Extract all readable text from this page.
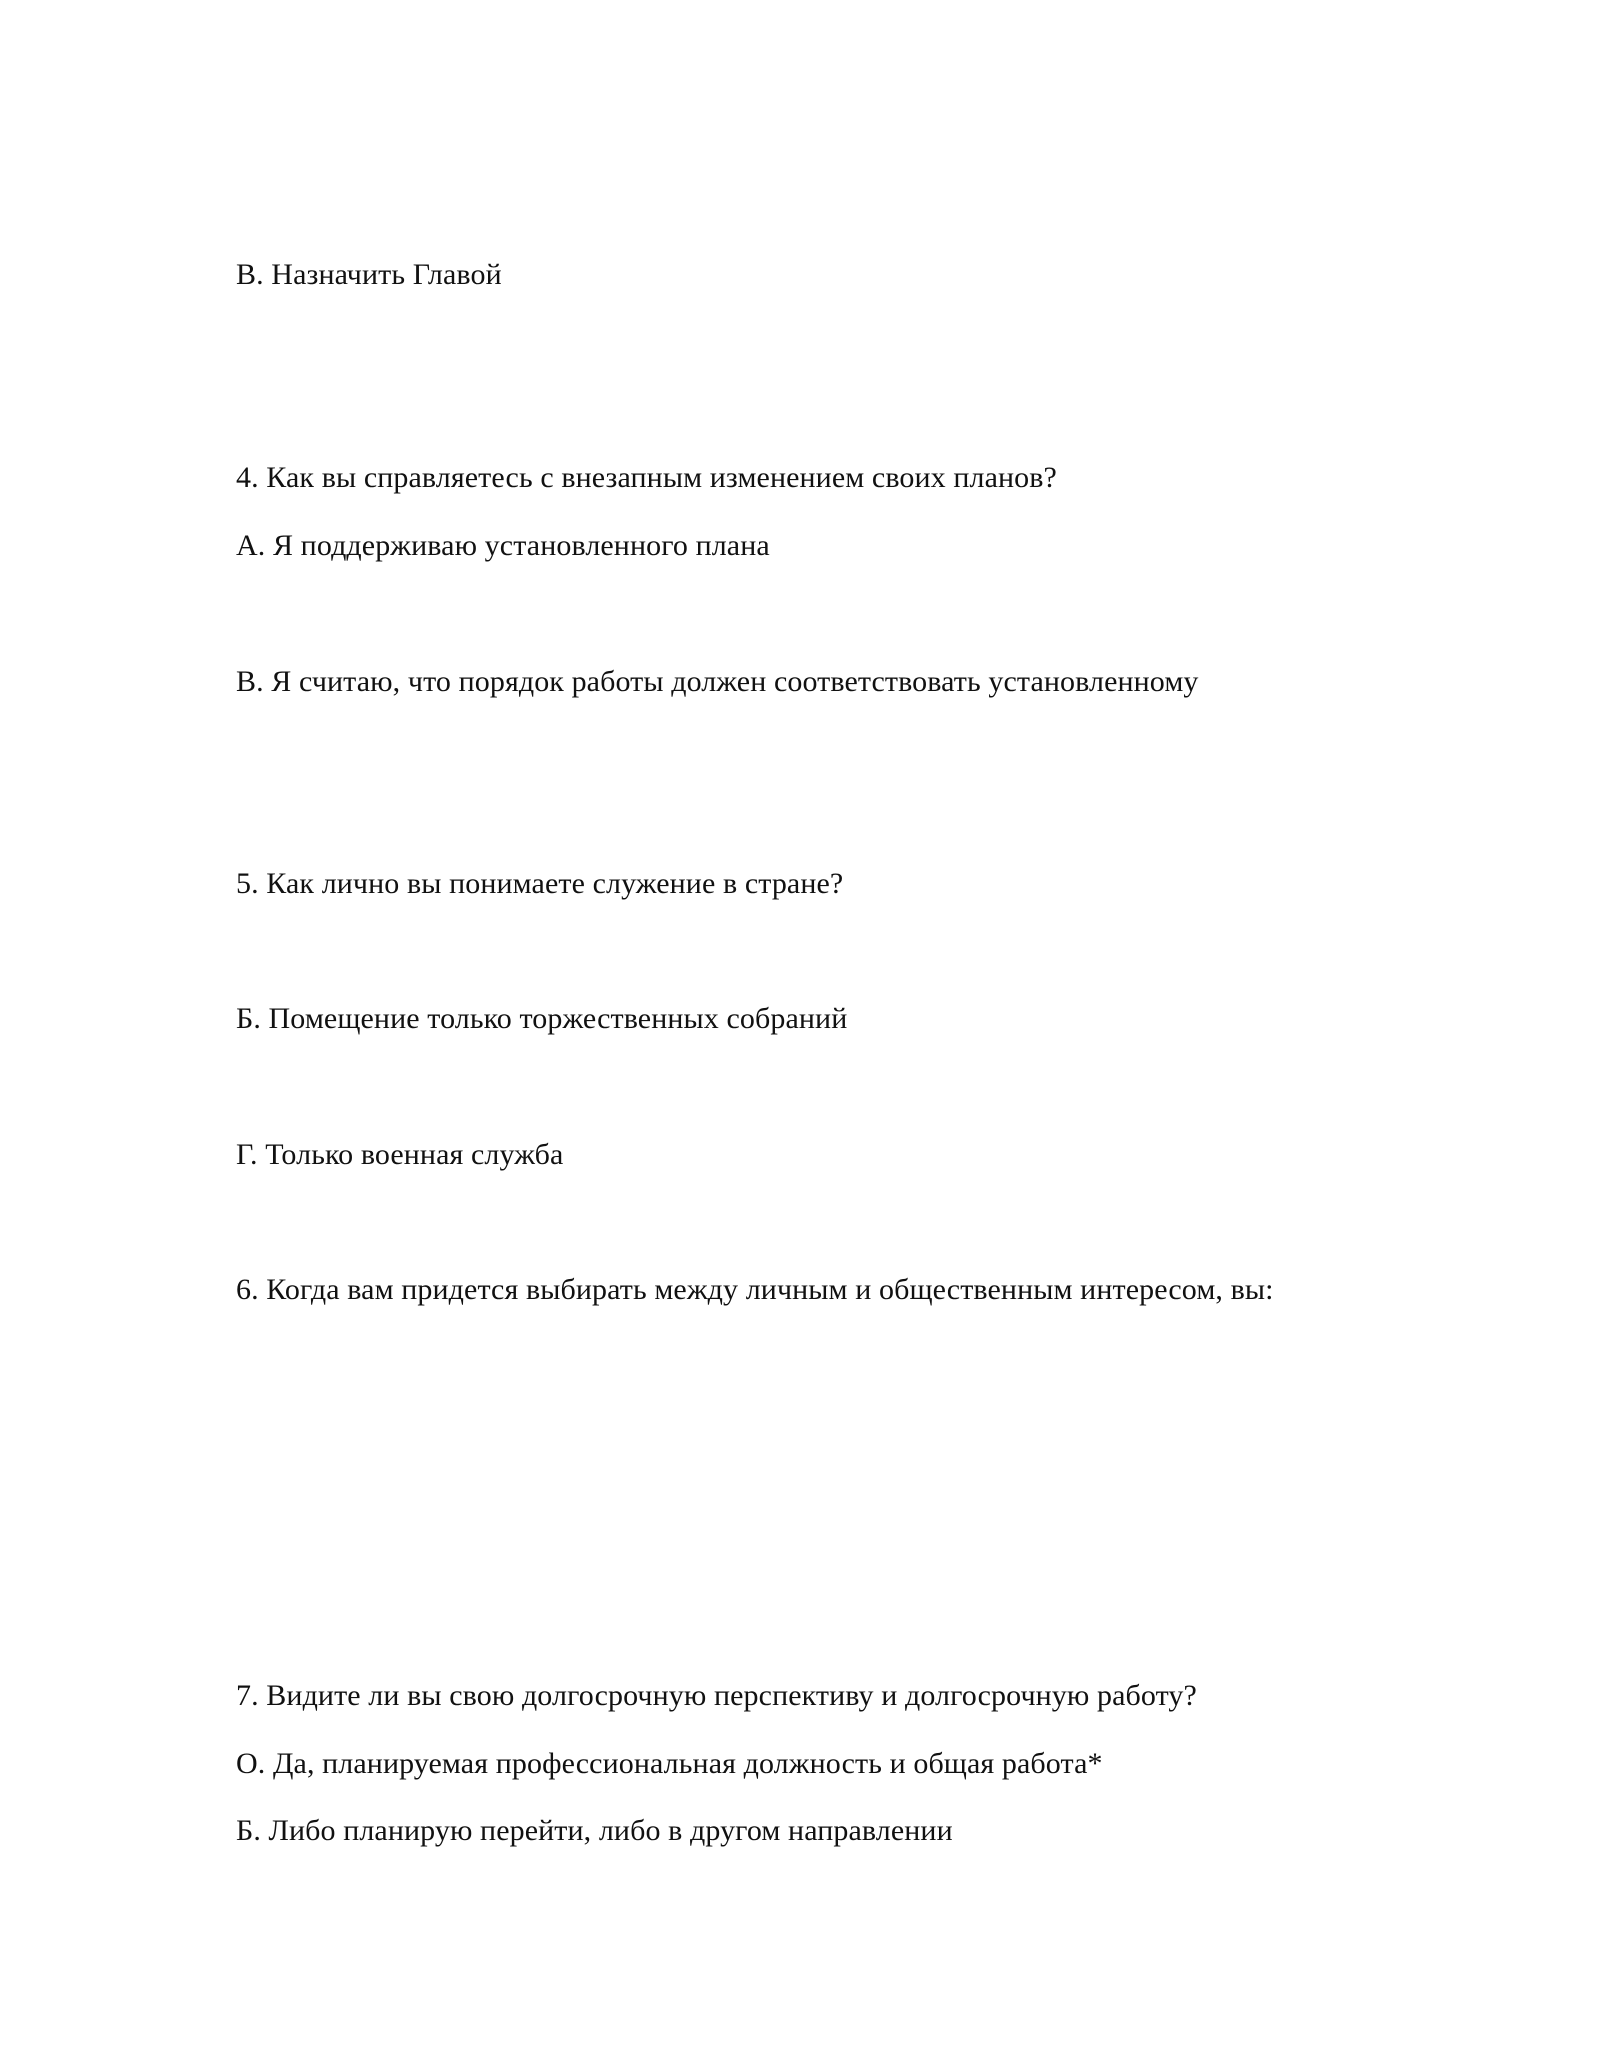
В. Назначить Главой
4. Как вы справляетесь с внезапным изменением своих планов?
А. Я поддерживаю установленного плана
В. Я считаю, что порядок работы должен соответствовать установленному
5. Как лично вы понимаете служение в стране?
Б. Помещение только торжественных собраний
Г. Только военная служба
6. Когда вам придется выбирать между личным и общественным интересом, вы:
7. Видите ли вы свою долгосрочную перспективу и долгосрочную работу?
О. Да, планируемая профессиональная должность и общая работа*
Б. Либо планирую перейти, либо в другом направлении
